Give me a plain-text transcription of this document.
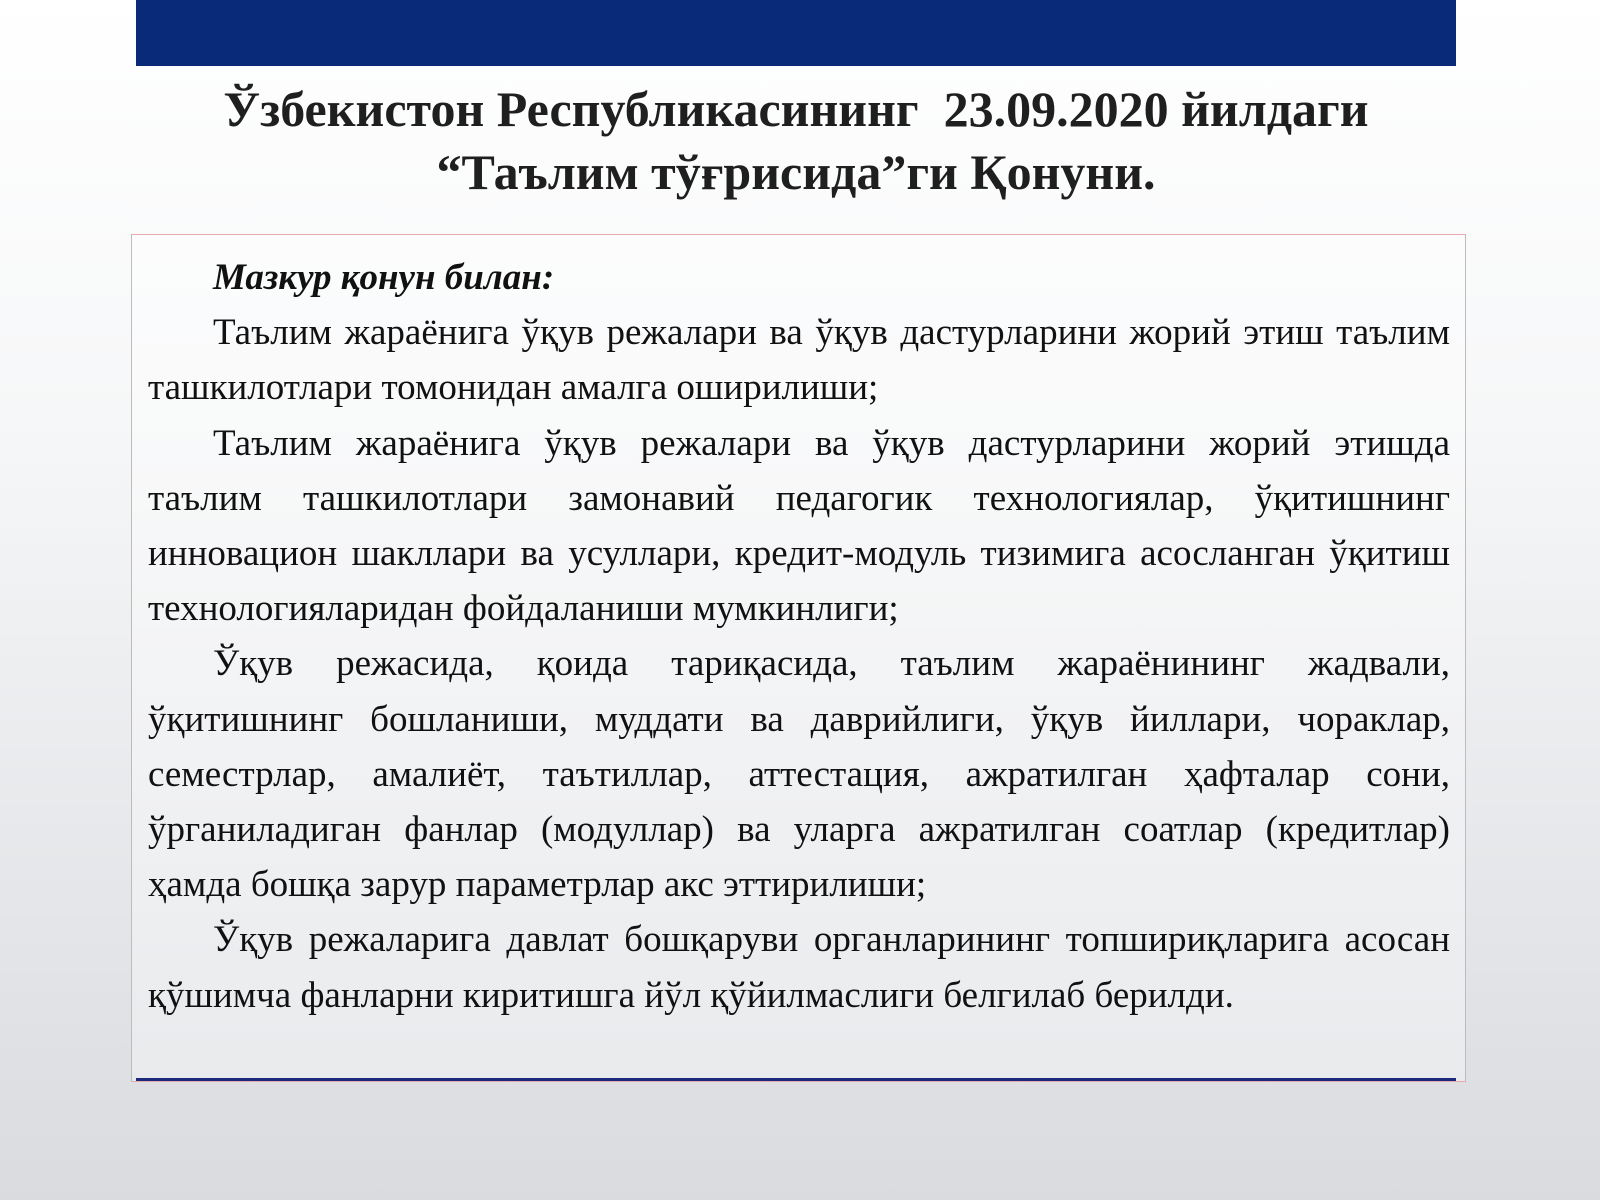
Ўзбекистон Республикасининг  23.09.2020 йилдаги
“Таълим тўғрисида”ги Қонуни.

Мазкур қонун билан:

Таълим жараёнига ўқув режалари ва ўқув дастурларини жорий этиш таълим ташкилотлари томонидан амалга оширилиши;

Таълим жараёнига ўқув режалари ва ўқув дастурларини жорий этишда таълим ташкилотлари замонавий педагогик технологиялар, ўқитишнинг инновацион шакллари ва усуллари, кредит-модуль тизимига асосланган ўқитиш технологияларидан фойдаланиши мумкинлиги;

Ўқув режасида, қоида тариқасида, таълим жараёнининг жадвали, ўқитишнинг бошланиши, муддати ва даврийлиги, ўқув йиллари, чораклар, семестрлар, амалиёт, таътиллар, аттестация, ажратилган ҳафталар сони, ўрганиладиган фанлар (модуллар) ва уларга ажратилган соатлар (кредитлар) ҳамда бошқа зарур параметрлар акс эттирилиши;

Ўқув режаларига давлат бошқаруви органларининг топшириқларига асосан қўшимча фанларни киритишга йўл қўйилмаслиги белгилаб берилди.
